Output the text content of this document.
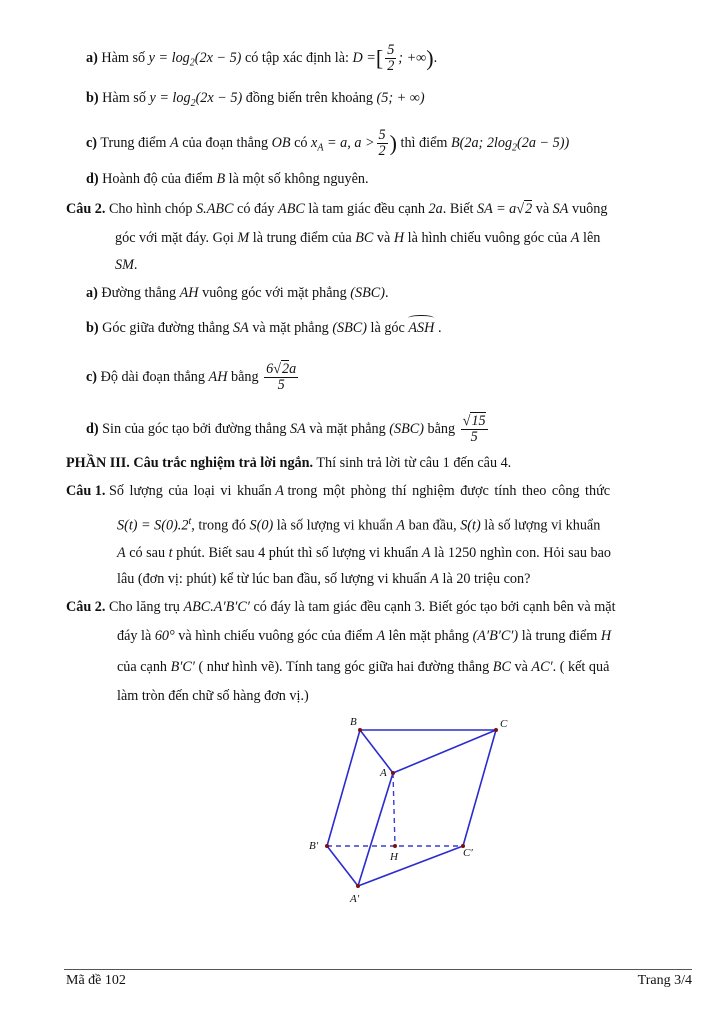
a) Hàm số $y = \log_2(2x - 5)$ có tập xác định là: D =[ $\frac{5}{2}$ ; +∞).
b) Hàm số $y = \log_2(2x - 5)$ đồng biến trên khoảng (5; + ∞)
c) Trung điểm A của đoạn thẳng OB có $x_A = a$, $a > \frac{5}{2}$ ) thì điểm B(2a; $2\log_2(2a - 5)$)
d) Hoành độ của điểm B là một số không nguyên.
Câu 2. Cho hình chóp S.ABC có đáy ABC là tam giác đều cạnh 2a. Biết SA = a√2 và SA vuông
góc với mặt đáy. Gọi M là trung điểm của BC và H là hình chiếu vuông góc của A lên
SM.
a) Đường thẳng AH vuông góc với mặt phẳng (SBC).
b) Góc giữa đường thẳng SA và mặt phẳng (SBC) là góc ASH .
c) Độ dài đoạn thẳng AH bằng $\frac{6√2a}{5}$
d) Sin của góc tạo bởi đường thẳng SA và mặt phẳng (SBC) bằng $\frac{√15}{5}$
PHẦN III. Câu trắc nghiệm trả lời ngắn. Thí sinh trả lời từ câu 1 đến câu 4.
Câu 1. Số lượng của loại vi khuẩn A trong một phòng thí nghiệm được tính theo công thức
$S(t) = S(0).2^t$, trong đó S(0) là số lượng vi khuẩn A ban đầu, S(t) là số lượng vi khuẩn
A có sau t phút. Biết sau 4 phút thì số lượng vi khuẩn A là 1250 nghìn con. Hỏi sau bao
lâu (đơn vị: phút) kể từ lúc ban đầu, số lượng vi khuẩn A là 20 triệu con?
Câu 2. Cho lăng trụ ABC.A′B′C′ có đáy là tam giác đều cạnh 3. Biết góc tạo bởi cạnh bên và mặt
đáy là 60° và hình chiếu vuông góc của điểm A lên mặt phẳng (A′B′C′) là trung điểm H
của cạnh B′C′ ( như hình vẽ). Tính tang góc giữa hai đường thẳng BC và AC′. ( kết quả
làm tròn đến chữ số hàng đơn vị.)
B	C
A
B′
H	C′
A′
Mã đề 102	Trang 3/4
